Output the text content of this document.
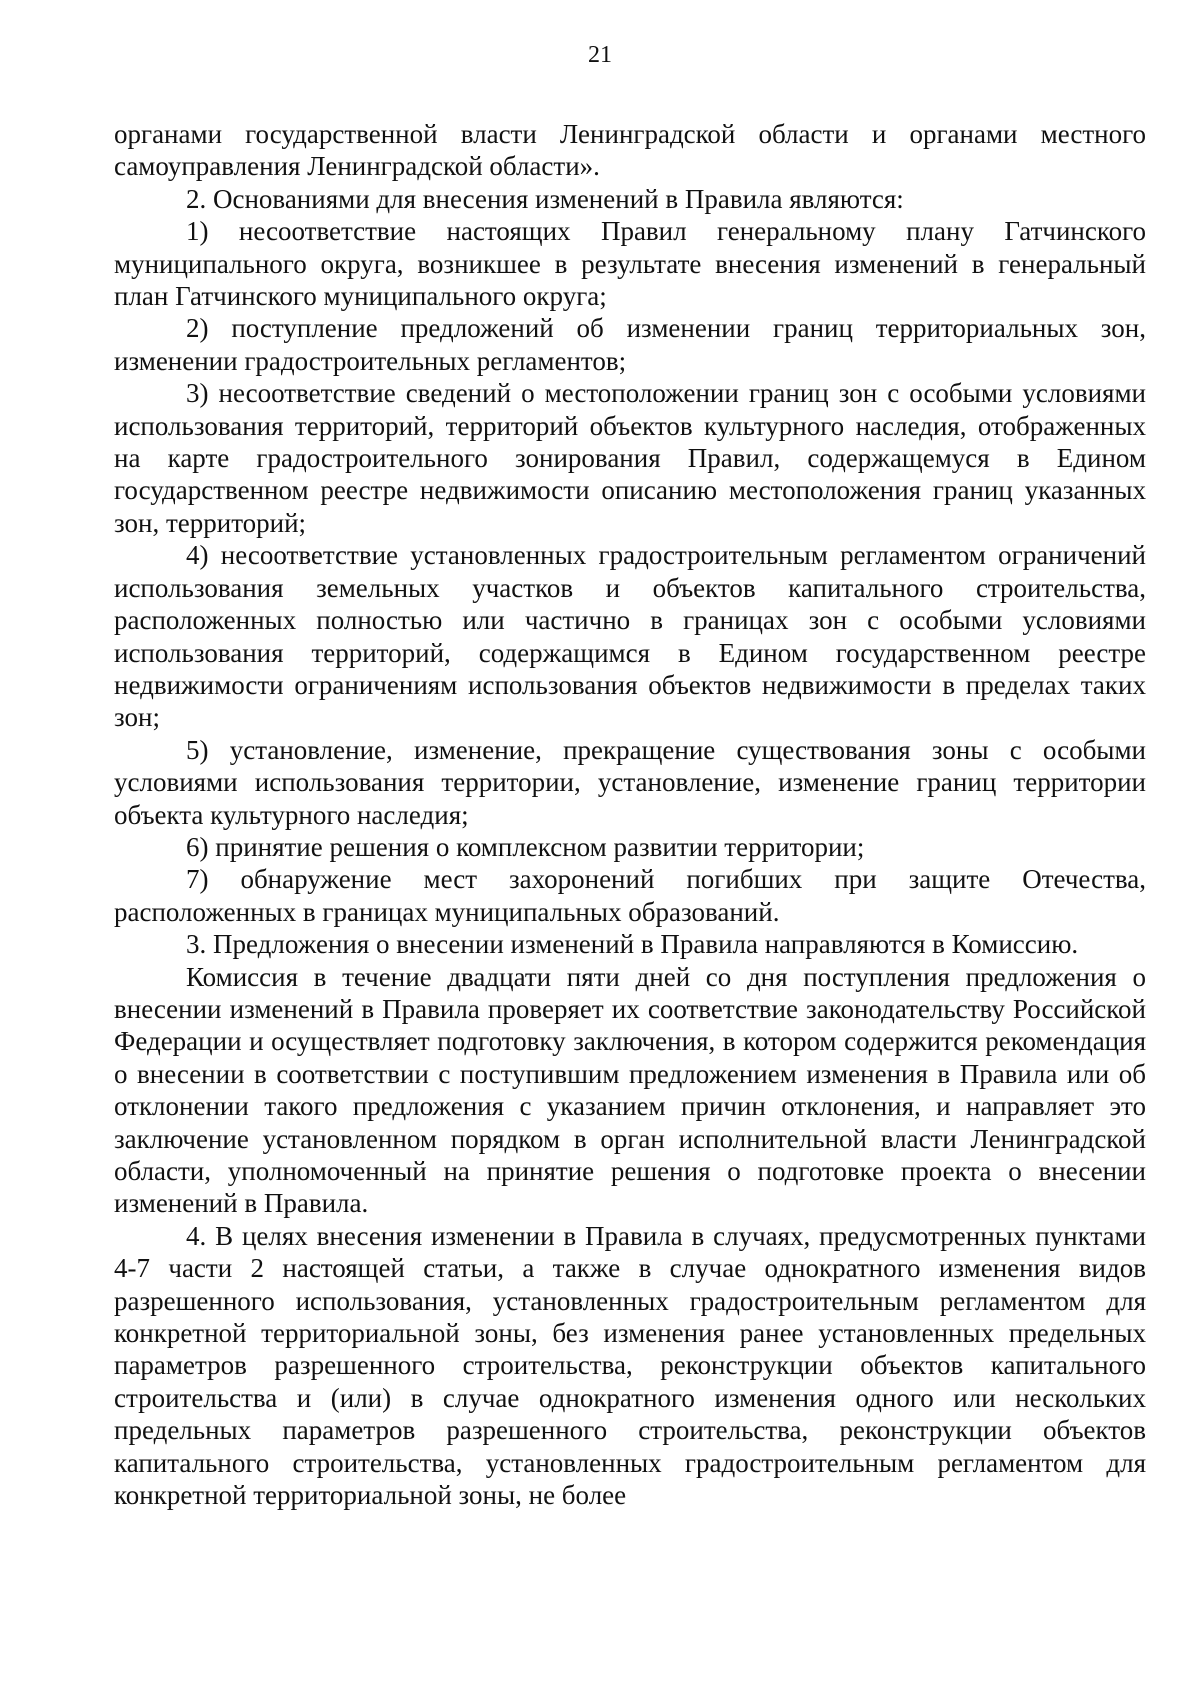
21

органами государственной власти Ленинградской области и органами местного самоуправления Ленинградской области».

2. Основаниями для внесения изменений в Правила являются:

1) несоответствие настоящих Правил генеральному плану Гатчинского муниципального округа, возникшее в результате внесения изменений в генеральный план Гатчинского муниципального округа;

2) поступление предложений об изменении границ территориальных зон, изменении градостроительных регламентов;

3) несоответствие сведений о местоположении границ зон с особыми условиями использования территорий, территорий объектов культурного наследия, отображенных на карте градостроительного зонирования Правил, содержащемуся в Едином государственном реестре недвижимости описанию местоположения границ указанных зон, территорий;

4) несоответствие установленных градостроительным регламентом ограничений использования земельных участков и объектов капитального строительства, расположенных полностью или частично в границах зон с особыми условиями использования территорий, содержащимся в Едином государственном реестре недвижимости ограничениям использования объектов недвижимости в пределах таких зон;

5) установление, изменение, прекращение существования зоны с особыми условиями использования территории, установление, изменение границ территории объекта культурного наследия;

6) принятие решения о комплексном развитии территории;

7) обнаружение мест захоронений погибших при защите Отечества, расположенных в границах муниципальных образований.

3. Предложения о внесении изменений в Правила направляются в Комиссию.

Комиссия в течение двадцати пяти дней со дня поступления предложения о внесении изменений в Правила проверяет их соответствие законодательству Российской Федерации и осуществляет подготовку заключения, в котором содержится рекомендация о внесении в соответствии с поступившим предложением изменения в Правила или об отклонении такого предложения с указанием причин отклонения, и направляет это заключение установленном порядком в орган исполнительной власти Ленинградской области, уполномоченный на принятие решения о подготовке проекта о внесении изменений в Правила.

4. В целях внесения изменении в Правила в случаях, предусмотренных пунктами 4-7 части 2 настоящей статьи, а также в случае однократного изменения видов разрешенного использования, установленных градостроительным регламентом для конкретной территориальной зоны, без изменения ранее установленных предельных параметров разрешенного строительства, реконструкции объектов капитального строительства и (или) в случае однократного изменения одного или нескольких предельных параметров разрешенного строительства, реконструкции объектов капитального строительства, установленных градостроительным регламентом для конкретной территориальной зоны, не более
